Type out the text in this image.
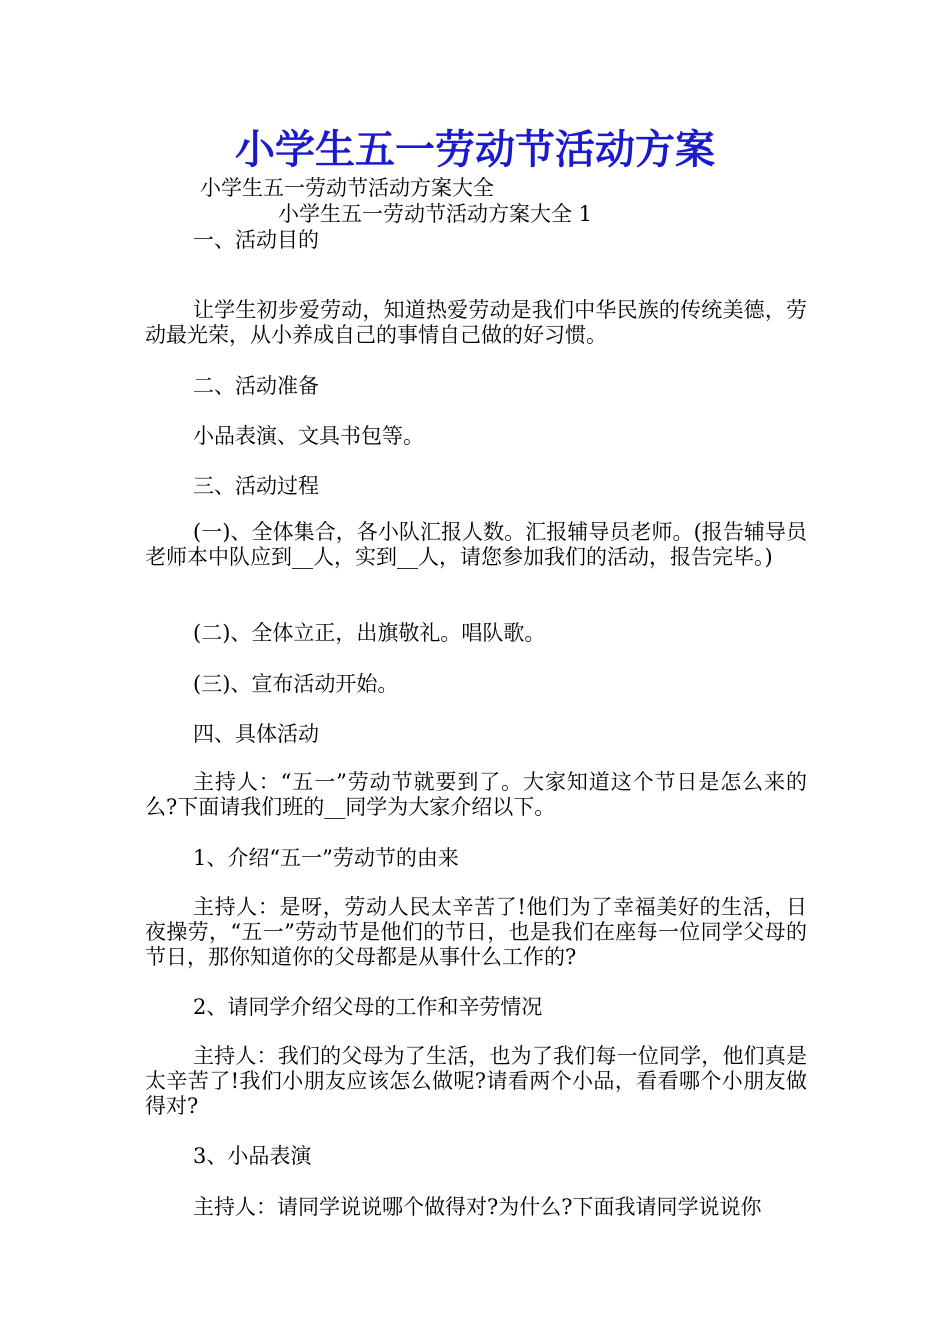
小学生五一劳动节活动方案
小学生五一劳动节活动方案大全
小学生五一劳动节活动方案大全 1
一、活动目的
让学生初步爱劳动，知道热爱劳动是我们中华民族的传统美德，劳动最光荣，从小养成自己的事情自己做的好习惯。
二、活动准备
小品表演、文具书包等。
三、活动过程
(一)、全体集合，各小队汇报人数。汇报辅导员老师。(报告辅导员老师本中队应到__人，实到__人，请您参加我们的活动，报告完毕。)
(二)、全体立正，出旗敬礼。唱队歌。
(三)、宣布活动开始。
四、具体活动
主持人：“五一”劳动节就要到了。大家知道这个节日是怎么来的么?下面请我们班的__同学为大家介绍以下。
1、介绍“五一”劳动节的由来
主持人：是呀，劳动人民太辛苦了!他们为了幸福美好的生活，日夜操劳，“五一”劳动节是他们的节日，也是我们在座每一位同学父母的节日，那你知道你的父母都是从事什么工作的?
2、请同学介绍父母的工作和辛劳情况
主持人：我们的父母为了生活，也为了我们每一位同学，他们真是太辛苦了!我们小朋友应该怎么做呢?请看两个小品，看看哪个小朋友做得对?
3、小品表演
主持人：请同学说说哪个做得对?为什么?下面我请同学说说你
